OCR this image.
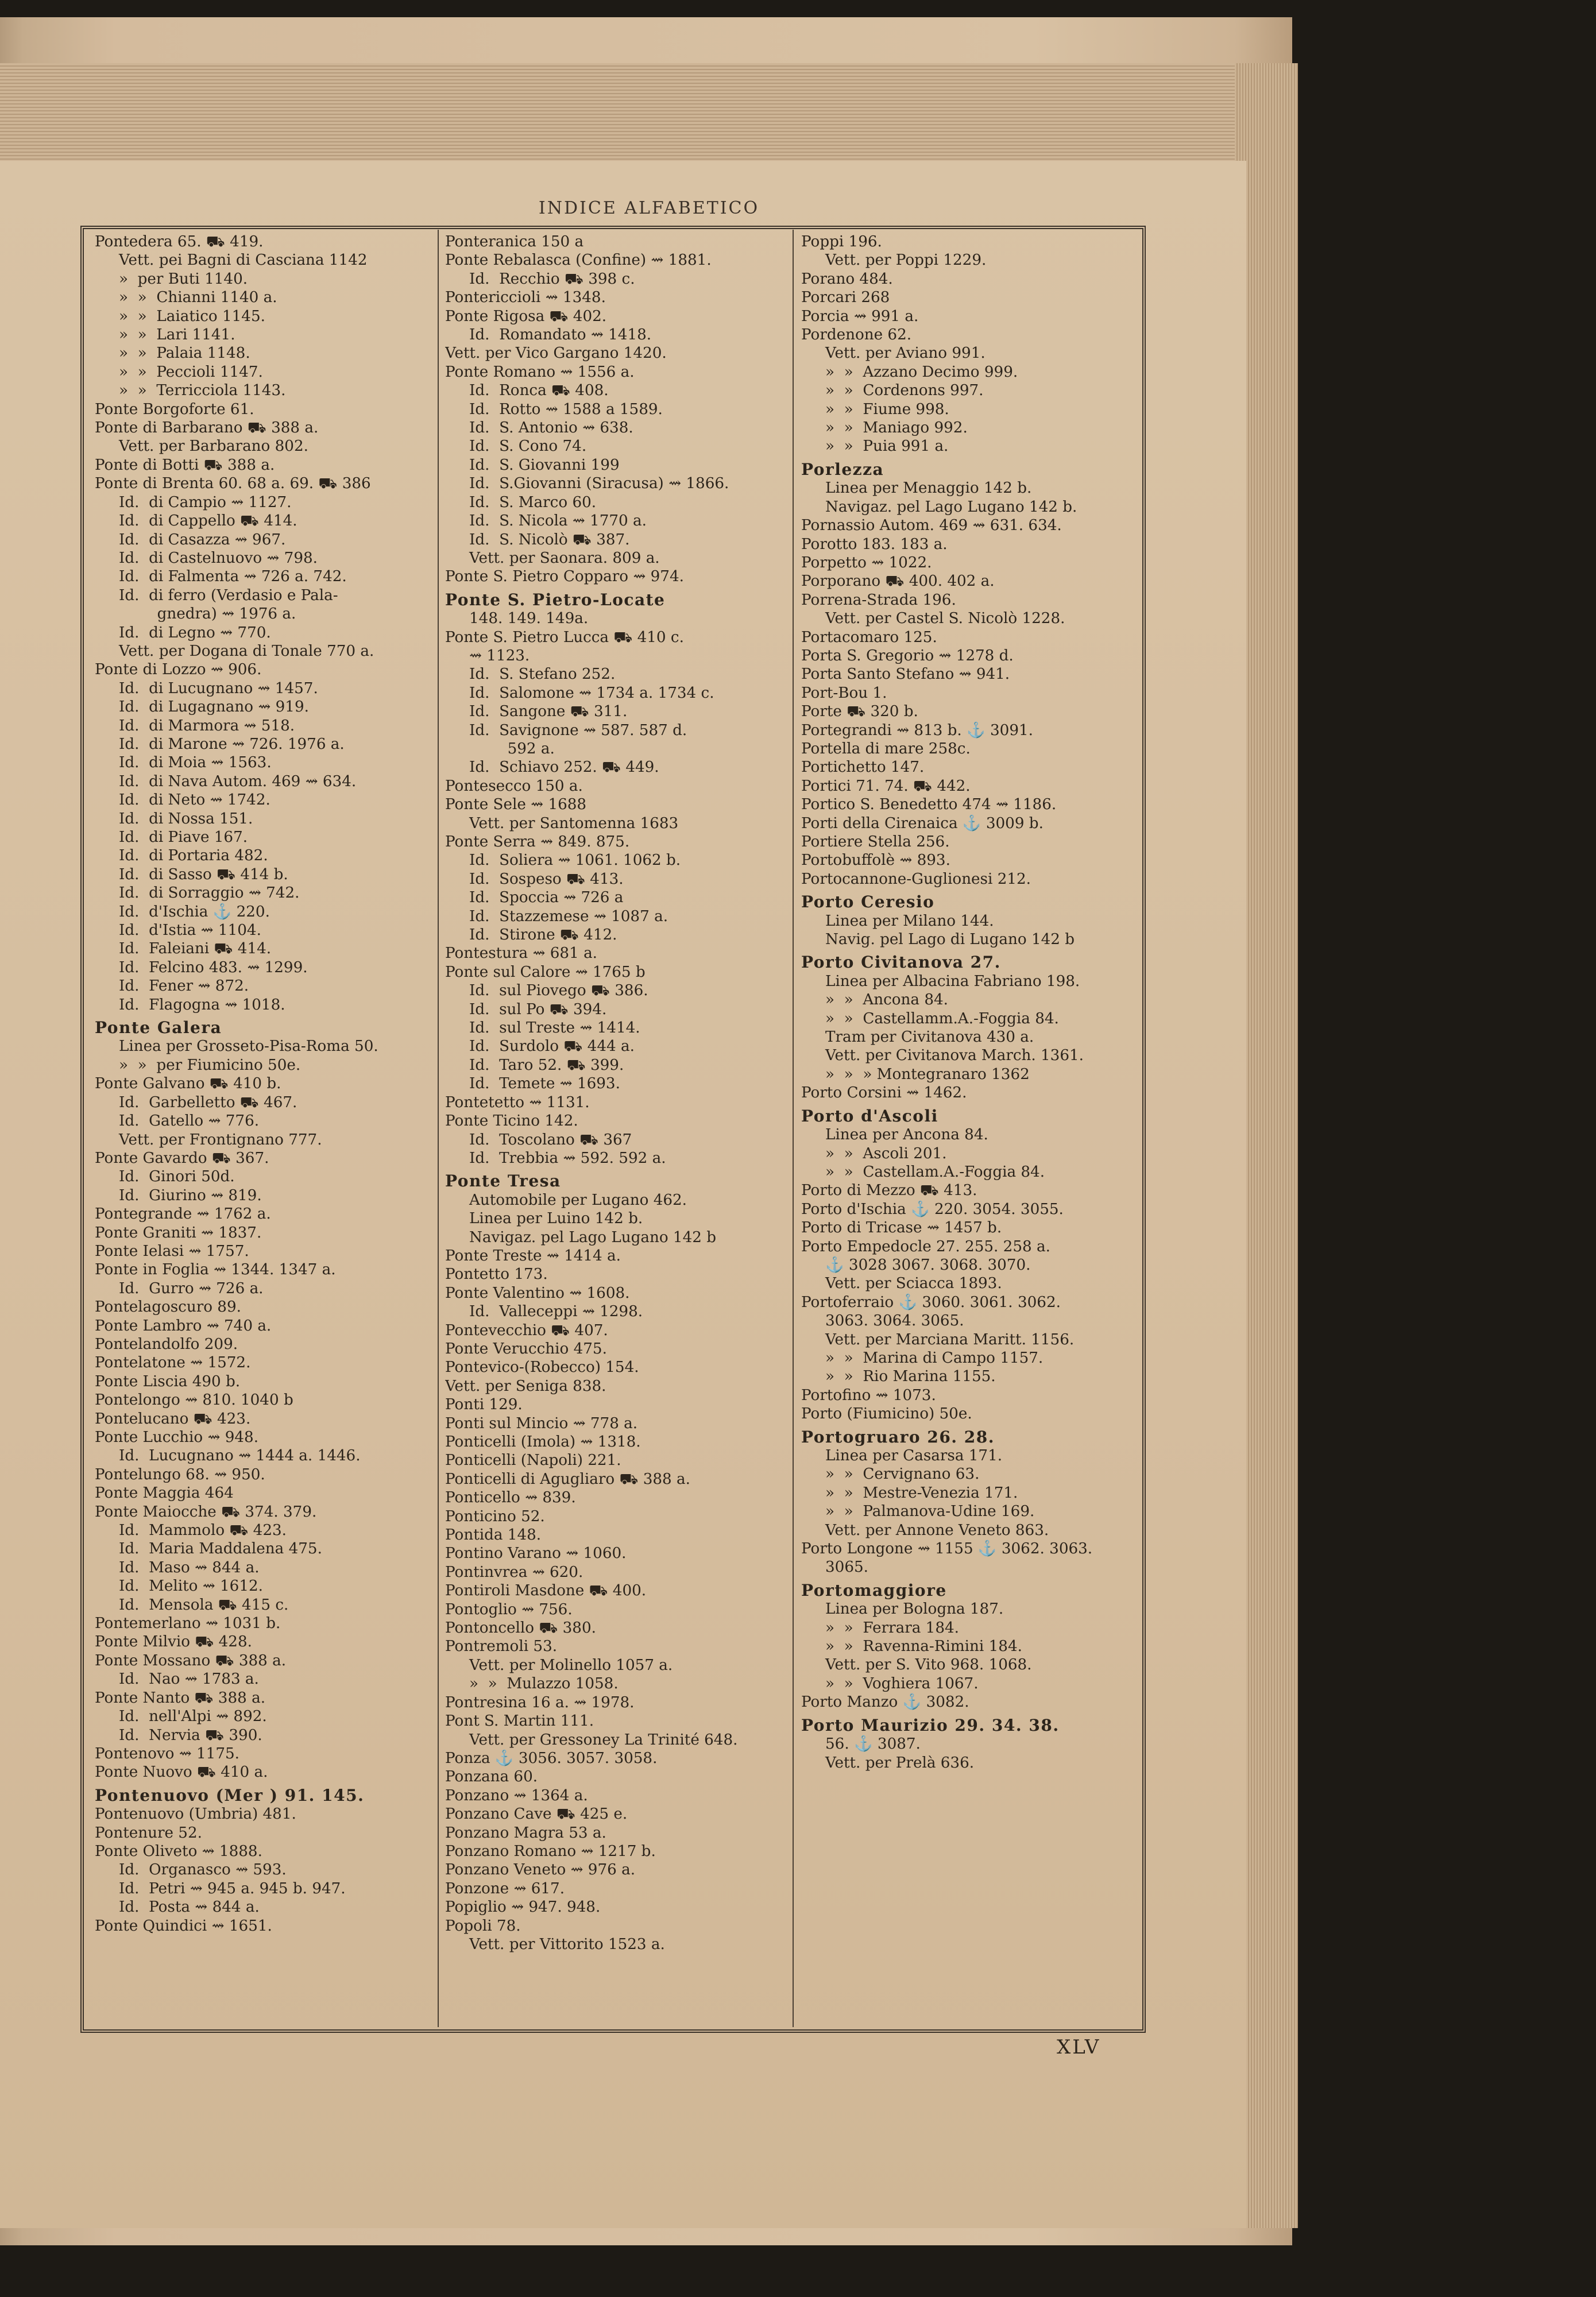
INDICE ALFABETICO
Pontedera 65. ⛟ 419.
Vett. pei Bagni di Casciana 1142
»  per Buti 1140.
»  »  Chianni 1140 a.
»  »  Laiatico 1145.
»  »  Lari 1141.
»  »  Palaia 1148.
»  »  Peccioli 1147.
»  »  Terricciola 1143.
Ponte Borgoforte 61.
Ponte di Barbarano ⛟ 388 a.
Vett. per Barbarano 802.
Ponte di Botti ⛟ 388 a.
Ponte di Brenta 60. 68 a. 69. ⛟ 386
Id.  di Campio ⇝ 1127.
Id.  di Cappello ⛟ 414.
Id.  di Casazza ⇝ 967.
Id.  di Castelnuovo ⇝ 798.
Id.  di Falmenta ⇝ 726 a. 742.
Id.  di ferro (Verdasio e Pala-
gnedra) ⇝ 1976 a.
Id.  di Legno ⇝ 770.
Vett. per Dogana di Tonale 770 a.
Ponte di Lozzo ⇝ 906.
Id.  di Lucugnano ⇝ 1457.
Id.  di Lugagnano ⇝ 919.
Id.  di Marmora ⇝ 518.
Id.  di Marone ⇝ 726. 1976 a.
Id.  di Moia ⇝ 1563.
Id.  di Nava Autom. 469 ⇝ 634.
Id.  di Neto ⇝ 1742.
Id.  di Nossa 151.
Id.  di Piave 167.
Id.  di Portaria 482.
Id.  di Sasso ⛟ 414 b.
Id.  di Sorraggio ⇝ 742.
Id.  d'Ischia ⚓ 220.
Id.  d'Istia ⇝ 1104.
Id.  Faleiani ⛟ 414.
Id.  Felcino 483. ⇝ 1299.
Id.  Fener ⇝ 872.
Id.  Flagogna ⇝ 1018.
Ponte Galera
Linea per Grosseto-Pisa-Roma 50.
»  »  per Fiumicino 50e.
Ponte Galvano ⛟ 410 b.
Id.  Garbelletto ⛟ 467.
Id.  Gatello ⇝ 776.
Vett. per Frontignano 777.
Ponte Gavardo ⛟ 367.
Id.  Ginori 50d.
Id.  Giurino ⇝ 819.
Pontegrande ⇝ 1762 a.
Ponte Graniti ⇝ 1837.
Ponte Ielasi ⇝ 1757.
Ponte in Foglia ⇝ 1344. 1347 a.
Id.  Gurro ⇝ 726 a.
Pontelagoscuro 89.
Ponte Lambro ⇝ 740 a.
Pontelandolfo 209.
Pontelatone ⇝ 1572.
Ponte Liscia 490 b.
Pontelongo ⇝ 810. 1040 b
Pontelucano ⛟ 423.
Ponte Lucchio ⇝ 948.
Id.  Lucugnano ⇝ 1444 a. 1446.
Pontelungo 68. ⇝ 950.
Ponte Maggia 464
Ponte Maiocche ⛟ 374. 379.
Id.  Mammolo ⛟ 423.
Id.  Maria Maddalena 475.
Id.  Maso ⇝ 844 a.
Id.  Melito ⇝ 1612.
Id.  Mensola ⛟ 415 c.
Pontemerlano ⇝ 1031 b.
Ponte Milvio ⛟ 428.
Ponte Mossano ⛟ 388 a.
Id.  Nao ⇝ 1783 a.
Ponte Nanto ⛟ 388 a.
Id.  nell'Alpi ⇝ 892.
Id.  Nervia ⛟ 390.
Pontenovo ⇝ 1175.
Ponte Nuovo ⛟ 410 a.
Pontenuovo (Mer ) 91. 145.
Pontenuovo (Umbria) 481.
Pontenure 52.
Ponte Oliveto ⇝ 1888.
Id.  Organasco ⇝ 593.
Id.  Petri ⇝ 945 a. 945 b. 947.
Id.  Posta ⇝ 844 a.
Ponte Quindici ⇝ 1651.
Ponteranica 150 a
Ponte Rebalasca (Confine) ⇝ 1881.
Id.  Recchio ⛟ 398 c.
Pontericcioli ⇝ 1348.
Ponte Rigosa ⛟ 402.
Id.  Romandato ⇝ 1418.
Vett. per Vico Gargano 1420.
Ponte Romano ⇝ 1556 a.
Id.  Ronca ⛟ 408.
Id.  Rotto ⇝ 1588 a 1589.
Id.  S. Antonio ⇝ 638.
Id.  S. Cono 74.
Id.  S. Giovanni 199
Id.  S.Giovanni (Siracusa) ⇝ 1866.
Id.  S. Marco 60.
Id.  S. Nicola ⇝ 1770 a.
Id.  S. Nicolò ⛟ 387.
Vett. per Saonara. 809 a.
Ponte S. Pietro Copparo ⇝ 974.
Ponte S. Pietro-Locate
148. 149. 149a.
Ponte S. Pietro Lucca ⛟ 410 c.
⇝ 1123.
Id.  S. Stefano 252.
Id.  Salomone ⇝ 1734 a. 1734 c.
Id.  Sangone ⛟ 311.
Id.  Savignone ⇝ 587. 587 d.
592 a.
Id.  Schiavo 252. ⛟ 449.
Pontesecco 150 a.
Ponte Sele ⇝ 1688
Vett. per Santomenna 1683
Ponte Serra ⇝ 849. 875.
Id.  Soliera ⇝ 1061. 1062 b.
Id.  Sospeso ⛟ 413.
Id.  Spoccia ⇝ 726 a
Id.  Stazzemese ⇝ 1087 a.
Id.  Stirone ⛟ 412.
Pontestura ⇝ 681 a.
Ponte sul Calore ⇝ 1765 b
Id.  sul Piovego ⛟ 386.
Id.  sul Po ⛟ 394.
Id.  sul Treste ⇝ 1414.
Id.  Surdolo ⛟ 444 a.
Id.  Taro 52. ⛟ 399.
Id.  Temete ⇝ 1693.
Pontetetto ⇝ 1131.
Ponte Ticino 142.
Id.  Toscolano ⛟ 367
Id.  Trebbia ⇝ 592. 592 a.
Ponte Tresa
Automobile per Lugano 462.
Linea per Luino 142 b.
Navigaz. pel Lago Lugano 142 b
Ponte Treste ⇝ 1414 a.
Pontetto 173.
Ponte Valentino ⇝ 1608.
Id.  Valleceppi ⇝ 1298.
Pontevecchio ⛟ 407.
Ponte Verucchio 475.
Pontevico-(Robecco) 154.
Vett. per Seniga 838.
Ponti 129.
Ponti sul Mincio ⇝ 778 a.
Ponticelli (Imola) ⇝ 1318.
Ponticelli (Napoli) 221.
Ponticelli di Agugliaro ⛟ 388 a.
Ponticello ⇝ 839.
Ponticino 52.
Pontida 148.
Pontino Varano ⇝ 1060.
Pontinvrea ⇝ 620.
Pontiroli Masdone ⛟ 400.
Pontoglio ⇝ 756.
Pontoncello ⛟ 380.
Pontremoli 53.
Vett. per Molinello 1057 a.
»  »  Mulazzo 1058.
Pontresina 16 a. ⇝ 1978.
Pont S. Martin 111.
Vett. per Gressoney La Trinité 648.
Ponza ⚓ 3056. 3057. 3058.
Ponzana 60.
Ponzano ⇝ 1364 a.
Ponzano Cave ⛟ 425 e.
Ponzano Magra 53 a.
Ponzano Romano ⇝ 1217 b.
Ponzano Veneto ⇝ 976 a.
Ponzone ⇝ 617.
Popiglio ⇝ 947. 948.
Popoli 78.
Vett. per Vittorito 1523 a.
Poppi 196.
Vett. per Poppi 1229.
Porano 484.
Porcari 268
Porcia ⇝ 991 a.
Pordenone 62.
Vett. per Aviano 991.
»  »  Azzano Decimo 999.
»  »  Cordenons 997.
»  »  Fiume 998.
»  »  Maniago 992.
»  »  Puia 991 a.
Porlezza
Linea per Menaggio 142 b.
Navigaz. pel Lago Lugano 142 b.
Pornassio Autom. 469 ⇝ 631. 634.
Porotto 183. 183 a.
Porpetto ⇝ 1022.
Porporano ⛟ 400. 402 a.
Porrena-Strada 196.
Vett. per Castel S. Nicolò 1228.
Portacomaro 125.
Porta S. Gregorio ⇝ 1278 d.
Porta Santo Stefano ⇝ 941.
Port-Bou 1.
Porte ⛟ 320 b.
Portegrandi ⇝ 813 b. ⚓ 3091.
Portella di mare 258c.
Portichetto 147.
Portici 71. 74. ⛟ 442.
Portico S. Benedetto 474 ⇝ 1186.
Porti della Cirenaica ⚓ 3009 b.
Portiere Stella 256.
Portobuffolè ⇝ 893.
Portocannone-Guglionesi 212.
Porto Ceresio
Linea per Milano 144.
Navig. pel Lago di Lugano 142 b
Porto Civitanova 27.
Linea per Albacina Fabriano 198.
»  »  Ancona 84.
»  »  Castellamm.A.-Foggia 84.
Tram per Civitanova 430 a.
Vett. per Civitanova March. 1361.
»  »  » Montegranaro 1362
Porto Corsini ⇝ 1462.
Porto d'Ascoli
Linea per Ancona 84.
»  »  Ascoli 201.
»  »  Castellam.A.-Foggia 84.
Porto di Mezzo ⛟ 413.
Porto d'Ischia ⚓ 220. 3054. 3055.
Porto di Tricase ⇝ 1457 b.
Porto Empedocle 27. 255. 258 a.
⚓ 3028 3067. 3068. 3070.
Vett. per Sciacca 1893.
Portoferraio ⚓ 3060. 3061. 3062.
3063. 3064. 3065.
Vett. per Marciana Maritt. 1156.
»  »  Marina di Campo 1157.
»  »  Rio Marina 1155.
Portofino ⇝ 1073.
Porto (Fiumicino) 50e.
Portogruaro 26. 28.
Linea per Casarsa 171.
»  »  Cervignano 63.
»  »  Mestre-Venezia 171.
»  »  Palmanova-Udine 169.
Vett. per Annone Veneto 863.
Porto Longone ⇝ 1155 ⚓ 3062. 3063.
3065.
Portomaggiore
Linea per Bologna 187.
»  »  Ferrara 184.
»  »  Ravenna-Rimini 184.
Vett. per S. Vito 968. 1068.
»  »  Voghiera 1067.
Porto Manzo ⚓ 3082.
Porto Maurizio 29. 34. 38.
56. ⚓ 3087.
Vett. per Prelà 636.
XLV
